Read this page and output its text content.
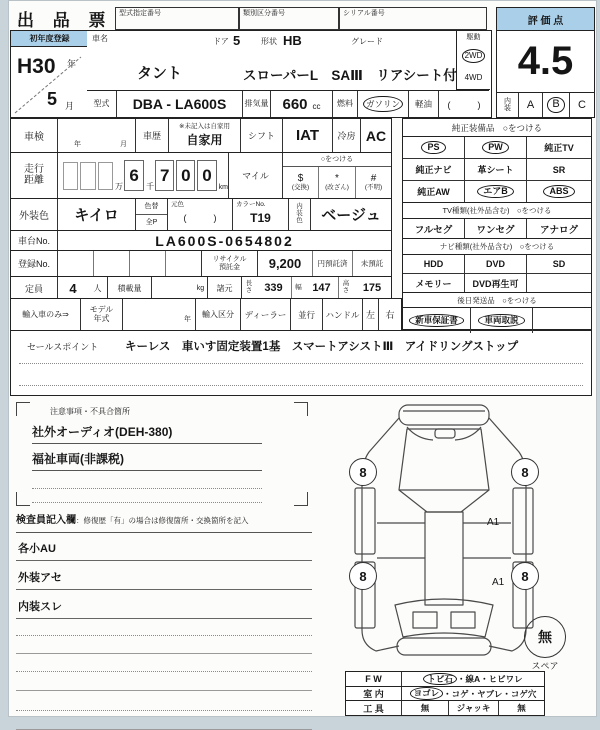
出 品 票 型式指定番号	類別区分番号	シリアル番号
評 価 点
4.5
内装 A	B	C
初年度登録
H30 年
5 月
車名	ドア 5	形状 HB	グレード
タント	スローパーL　SAⅢ　リアシート付
駆動
2WD
4WD
型式 DBA - LA600S 排気量 660 cc 燃料	ガソリン	軽油 (　　　)
車検
年	月
車歴
※未記入は自家用
自家用	シフト IAT 冷房 AC
走行距離
万
6
千
7 0 0
km
マイル
○をつける
$
(交換)
*
(改ざん)
#
(不明)
外装色 キイロ
色替
全P
元色
(　　　)
カラーNo.
T19
内装色 ベージュ
車台No.	LA600S-0654802
登録No.	リサイクル預託金	9,200 円預託済 未預託
定員 4 人 積載量	kg 諸元 長さ 339 幅 147 高さ 175
輸入車のみ⇒
モデル年式	年
輸入区分 ディーラー 並行 ハンドル 左 右
セールスポイント キーレス　車いす固定装置1基　スマートアシストⅢ　アイドリングストップ
純正装備品　○をつける
PS	PW	純正TV
純正ナビ	革シート	SR
純正AW	エアB	ABS
TV種類(社外品含む)　○をつける
フルセグ	ワンセグ	アナログ
ナビ種類(社外品含む)　○をつける
HDD	DVD	SD
メモリー DVD再生可
後日発送品　○をつける
新車保証書	車両取説
注意事項・不具合箇所
社外オーディオ(DEH-380)
福祉車両(非課税)
検査員記入欄：修復歴「有」の場合は修復箇所・交換箇所を記入
各小AU
外装アセ
内装スレ
8	8
8	8
A1
A1
無
スペア
F W	トビ石 ・線A・ヒビワレ
室 内	ヨゴレ ・コゲ・ヤブレ・コゲ穴
工 具	無	ジャッキ	無
